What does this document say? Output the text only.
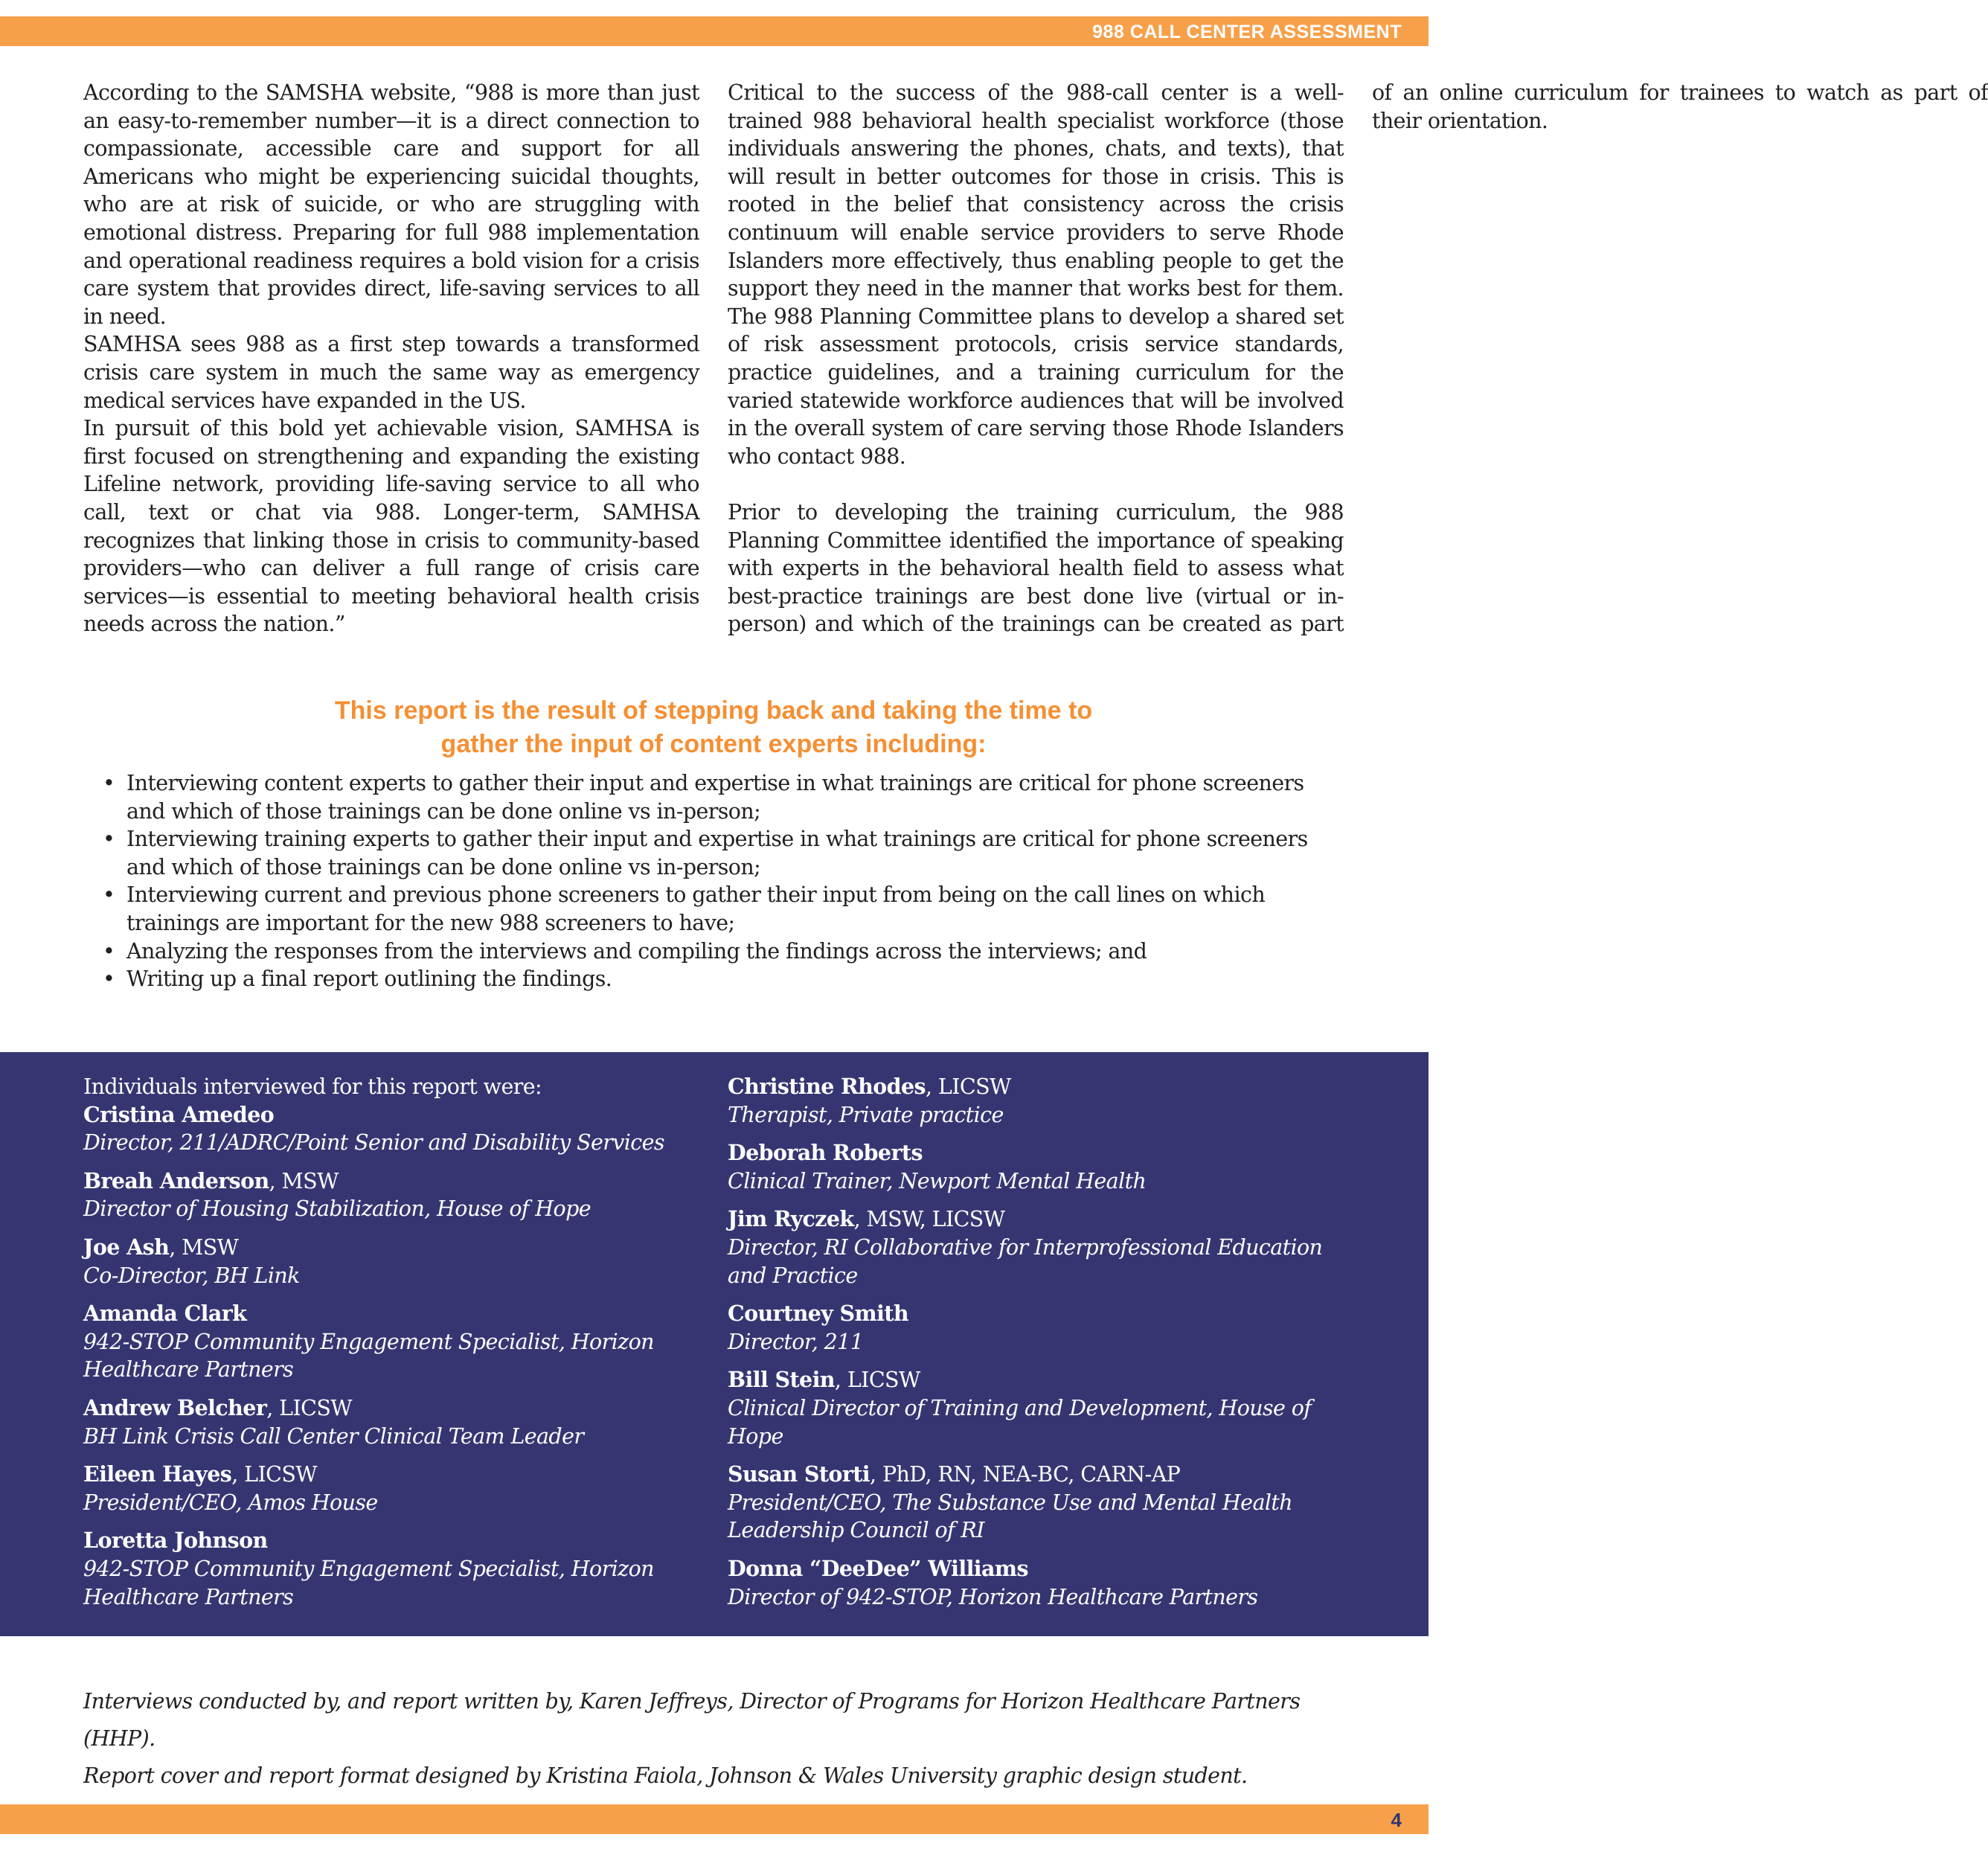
988 CALL CENTER ASSESSMENT

According to the SAMSHA website, “988 is more than just an easy-to-remember number—it is a direct connection to compassionate, accessible care and support for all Americans who might be experiencing suicidal thoughts, who are at risk of suicide, or who are struggling with emotional distress. Preparing for full 988 implementation and operational readiness requires a bold vision for a crisis care system that provides direct, life-saving services to all in need.

SAMHSA sees 988 as a first step towards a transformed crisis care system in much the same way as emergency medical services have expanded in the US.

In pursuit of this bold yet achievable vision, SAMHSA is first focused on strengthening and expanding the existing Lifeline network, providing life-saving service to all who call, text or chat via 988. Longer-term, SAMHSA recognizes that linking those in crisis to community-based providers—who can deliver a full range of crisis care services—is essential to meeting behavioral health crisis needs across the nation.”

Critical to the success of the 988-call center is a well-trained 988 behavioral health specialist workforce (those individuals answering the phones, chats, and texts), that will result in better outcomes for those in crisis. This is rooted in the belief that consistency across the crisis continuum will enable service providers to serve Rhode Islanders more effectively, thus enabling people to get the support they need in the manner that works best for them. The 988 Planning Committee plans to develop a shared set of risk assessment protocols, crisis service standards, practice guidelines, and a training curriculum for the varied statewide workforce audiences that will be involved in the overall system of care serving those Rhode Islanders who contact 988.

Prior to developing the training curriculum, the 988 Planning Committee identified the importance of speaking with experts in the behavioral health field to assess what best-practice trainings are best done live (virtual or in-person) and which of the trainings can be created as part of an online curriculum for trainees to watch as part of their orientation.

This report is the result of stepping back and taking the time to
gather the input of content experts including:
• Interviewing content experts to gather their input and expertise in what trainings are critical for phone screeners and which of those trainings can be done online vs in-person;
• Interviewing training experts to gather their input and expertise in what trainings are critical for phone screeners and which of those trainings can be done online vs in-person;
• Interviewing current and previous phone screeners to gather their input from being on the call lines on which trainings are important for the new 988 screeners to have;
• Analyzing the responses from the interviews and compiling the findings across the interviews; and
• Writing up a final report outlining the findings.

Individuals interviewed for this report were:

Cristina Amedeo
Director, 211/ADRC/Point Senior and Disability Services
Breah Anderson, MSW
Director of Housing Stabilization, House of Hope
Joe Ash, MSW
Co-Director, BH Link
Amanda Clark
942-STOP Community Engagement Specialist, Horizon Healthcare Partners
Andrew Belcher, LICSW
BH Link Crisis Call Center Clinical Team Leader
Eileen Hayes, LICSW
President/CEO, Amos House
Loretta Johnson
942-STOP Community Engagement Specialist, Horizon Healthcare Partners
Christine Rhodes, LICSW
Therapist, Private practice
Deborah Roberts
Clinical Trainer, Newport Mental Health
Jim Ryczek, MSW, LICSW
Director, RI Collaborative for Interprofessional Education and Practice
Courtney Smith
Director, 211
Bill Stein, LICSW
Clinical Director of Training and Development, House of Hope
Susan Storti, PhD, RN, NEA-BC, CARN-AP
President/CEO, The Substance Use and Mental Health Leadership Council of RI
Donna “DeeDee” Williams
Director of 942-STOP, Horizon Healthcare Partners
Interviews conducted by, and report written by, Karen Jeffreys, Director of Programs for Horizon Healthcare Partners (HHP).
Report cover and report format designed by Kristina Faiola, Johnson & Wales University graphic design student.
4
